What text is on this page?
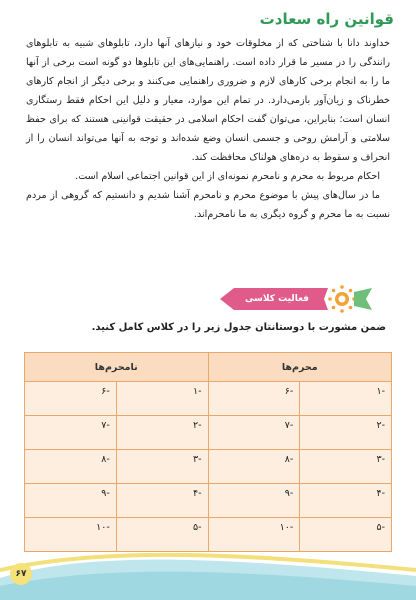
قوانین راه سعادت

خداوند دانا با شناختی که از مخلوقات خود و نیازهای آنها دارد، تابلوهای شبیه به تابلوهای رانندگی را در مسیر ما قرار داده است. راهنمایی‌های این تابلوها دو گونه است برخی از آنها ما را به انجام برخی کارهای لازم و ضروری راهنمایی می‌کنند و برخی دیگر از انجام کارهای خطرناک و زیان‌آور بازمی‌دارد. در تمام این موارد، معیار و دلیل این احکام فقط رستگاری انسان است؛ بنابراین، می‌توان گفت احکام اسلامی در حقیقت قوانینی هستند که برای حفظ سلامتی و آرامش روحی و جسمی انسان وضع شده‌اند و توجه به آنها می‌تواند انسان را از انحراف و سقوط به دره‌های هولناک محافظت کند.

احکام مربوط به محرم و نامحرم نمونه‌ای از این قوانین اجتماعی اسلام است.

ما در سال‌های پیش با موضوع محرم و نامحرم آشنا شدیم و دانستیم که گروهی از مردم نسبت به ما محرم و گروه دیگری به ما نامحرم‌اند.

فعالیت کلاسی
ضمن مشورت با دوستانتان جدول زیر را در کلاس کامل کنید.
محرم‌ها		نامحرم‌ها	
-۱	-۶	-۱	-۶
-۲	-۷	-۲	-۷
-۳	-۸	-۳	-۸
-۴	-۹	-۴	-۹
-۵	-۱۰	-۵	-۱۰
۶۷
